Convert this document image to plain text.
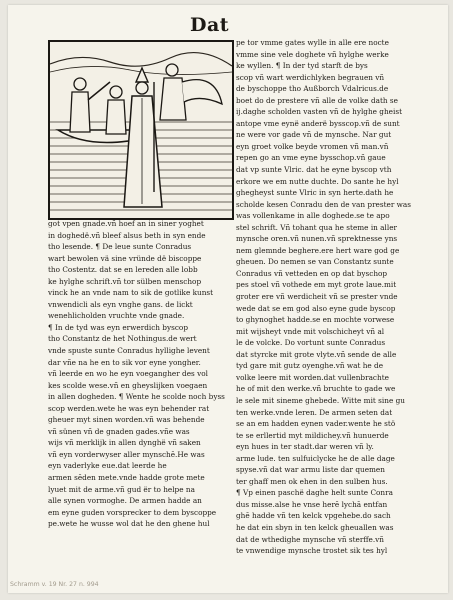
Dat
got vpen gnade.vñ hoef an in siner yoghet
in doghedë.vñ bleef alsus beth in syn ende
tho lesende. ¶ De leue sunte Conradus
wart bewolen vä sine vründe dë biscoppe
tho Costentz. dat se en lereden alle lobb
ke hylghe schrift.vñ tor sülben menschop
vinck he an vnde nam to sik de gotlike kunst
vnwendicli als eyn vnghe gans. de lickt
wenehlicholden vruchte vnde gnade.
¶ In de tyd was eyn erwerdich byscop
tho Constantz de het Nothingus.de wert
vnde spuste sunte Conradus hyllighe levent
dar vñe na he en to sik vor eyne yongher.
vñ leerde en wo he eyn voegangher des vol
kes scolde wese.vñ en gheyslijken voegaen
in allen dogheden. ¶ Wente he scolde noch byss
scop werden.wete he was eyn behender rat
gheuer myt sinen worden.vñ was behende
vñ sünen vñ de gnaden gades.vñe was
wijs vñ merklijk in allen dynghë vñ saken
vñ eyn vorderwyser aller mynschē.He was
eyn vaderlyke eue.dat leerde he
armen sēden mete.vnde hadde grote mete
lyuet mit de arme.vñ gud ër to helpe na
alle synen vormoghe. De armen hadde an
em eyne guden vorsprecker to dem byscoppe
pe.wete he wusse wol dat he den ghene hul
pe tor vmme gates wylle in alle ere nocte
vmme sine vele doghete vñ hylghe werke
ke wyllen. ¶ In der tyd starft de bys
scop vñ wart werdichlyken begrauen vñ
de byschoppe tho Außborch Vdalricus.de
boet do de prestere vñ alle de volke dath se
ij.daghe scholden vasten vñ de hylghe gheist
antope vme eynë anderë bysscop.vñ de sunt
ne were vor gade vñ de mynsche. Nar gut
eyn groet volke beyde vromen vñ man.vñ
repen go an vme eyne bysschop.vñ gaue
dat vp sunte Vlric. dat he eyne byscop vth
erkore we em nutte duchte. Do sante he hyl
ghegheyst sunte Vlric in syn herte.dath he
scholde kesen Conradu den de van prester was
was vollenkame in alle doghede.se te apo
stel schrift. Vñ tohant qua he steme in aller
mynsche oren.vñ nunen.vñ sprektnesse yns
nem glemnde beghere.ere hert ware god ge
gheuen. Do nemen se van Constantz sunte
Conradus vñ vetteden en op dat byschop
pes stoel vñ vothede em myt grote laue.mit
groter ere vñ werdicheit vñ se prester vnde
wede dat se em god also eyne gude byscop
to ghynoghet hadde.se en mochte vorwese
mit wijsheyt vnde mit volschicheyt vñ al
le de volcke. Do vortunt sunte Conradus
dat styrcke mit grote vlyte.vñ sende de alle
tyd gare mit gutz oyenghe.vñ wat he de
volke leere mit worden.dat vullenbrachte
he of mit den werke.vñ bruchte to gade we
le sele mit sineme ghebede. Witte mit sine gu
ten werke.vnde leren. De armen seten dat
se an em hadden eynen vader.wente he stö
te se erllertid myt mildichey.vñ hunuerde
eyn hues in ter stadt.dar weren vñ ly.
arme lude. ten sulfuiclycke he de alle dage
spyse.vñ dat war armu liste dar quemen
ter ghaff men ok ehen in den sulben hus.
¶ Vp einen paschë daghe helt sunte Conra
dus misse.alse he vnse herē lychā entfan
ghē hadde vñ ten kelck vpgehebe.do sach
he dat ein sbyn in ten kelck gheuallen was
dat de wthedighe mynsche vñ sterffe.vñ
te vnwendige mynsche trostet sik tes hyl
Schramm v. 19 Nr. 27 n. 994
